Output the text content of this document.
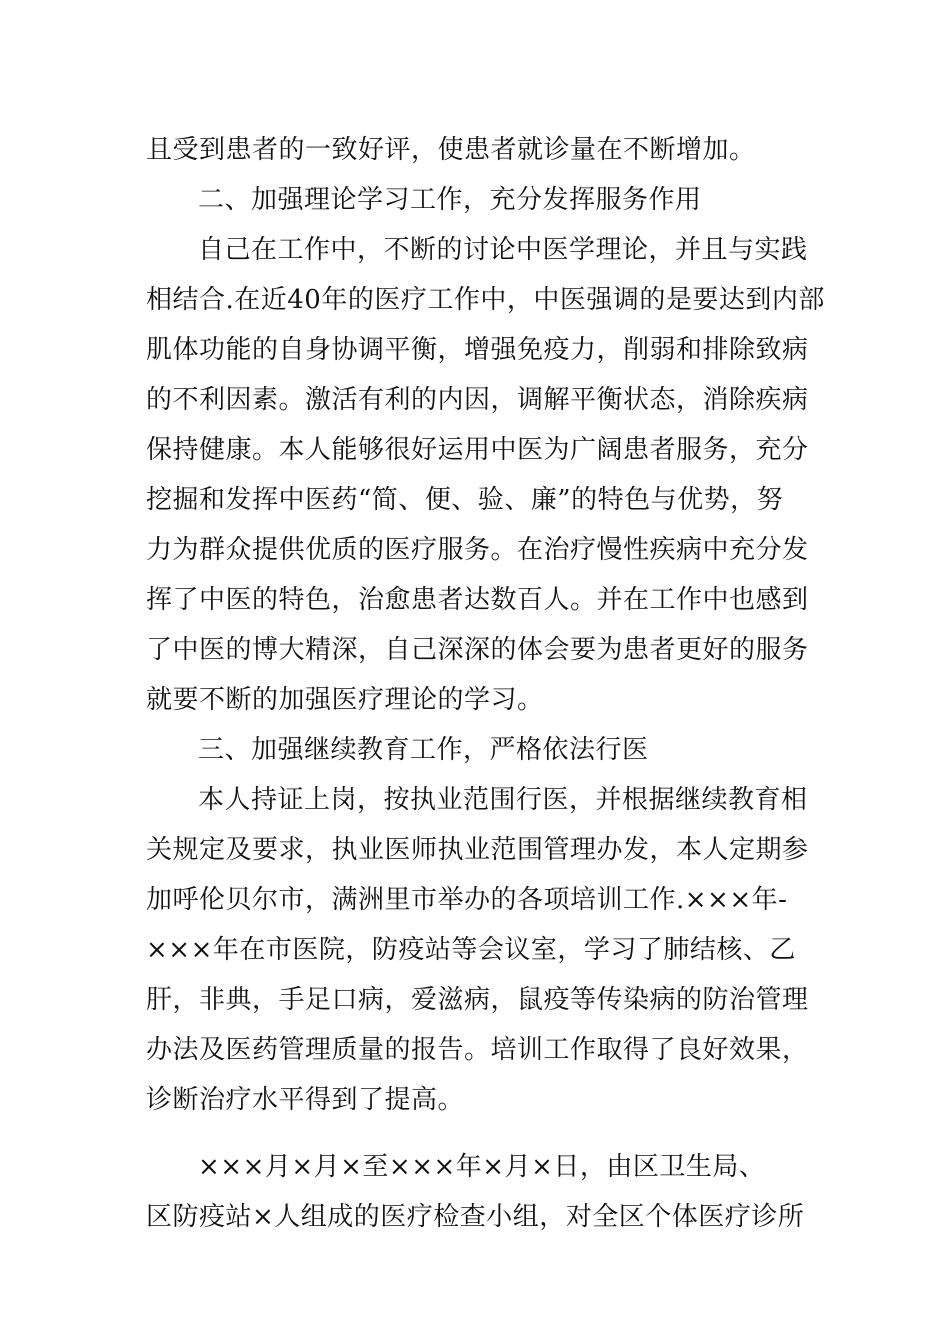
且受到患者的一致好评，使患者就诊量在不断增加。
二、加强理论学习工作，充分发挥服务作用
自己在工作中，不断的讨论中医学理论，并且与实践
相结合.在近40年的医疗工作中，中医强调的是要达到内部
肌体功能的自身协调平衡，增强免疫力，削弱和排除致病
的不利因素。激活有利的内因，调解平衡状态，消除疾病
保持健康。本人能够很好运用中医为广阔患者服务，充分
挖掘和发挥中医药“简、便、验、廉”的特色与优势，努
力为群众提供优质的医疗服务。在治疗慢性疾病中充分发
挥了中医的特色，治愈患者达数百人。并在工作中也感到
了中医的博大精深，自己深深的体会要为患者更好的服务
就要不断的加强医疗理论的学习。
三、加强继续教育工作，严格依法行医
本人持证上岗，按执业范围行医，并根据继续教育相
关规定及要求，执业医师执业范围管理办发，本人定期参
加呼伦贝尔市，满洲里市举办的各项培训工作.×××年-
×××年在市医院，防疫站等会议室，学习了肺结核、乙
肝，非典，手足口病，爱滋病，鼠疫等传染病的防治管理
办法及医药管理质量的报告。培训工作取得了良好效果，
诊断治疗水平得到了提高。
×××月×月×至×××年×月×日，由区卫生局、
区防疫站×人组成的医疗检查小组，对全区个体医疗诊所
